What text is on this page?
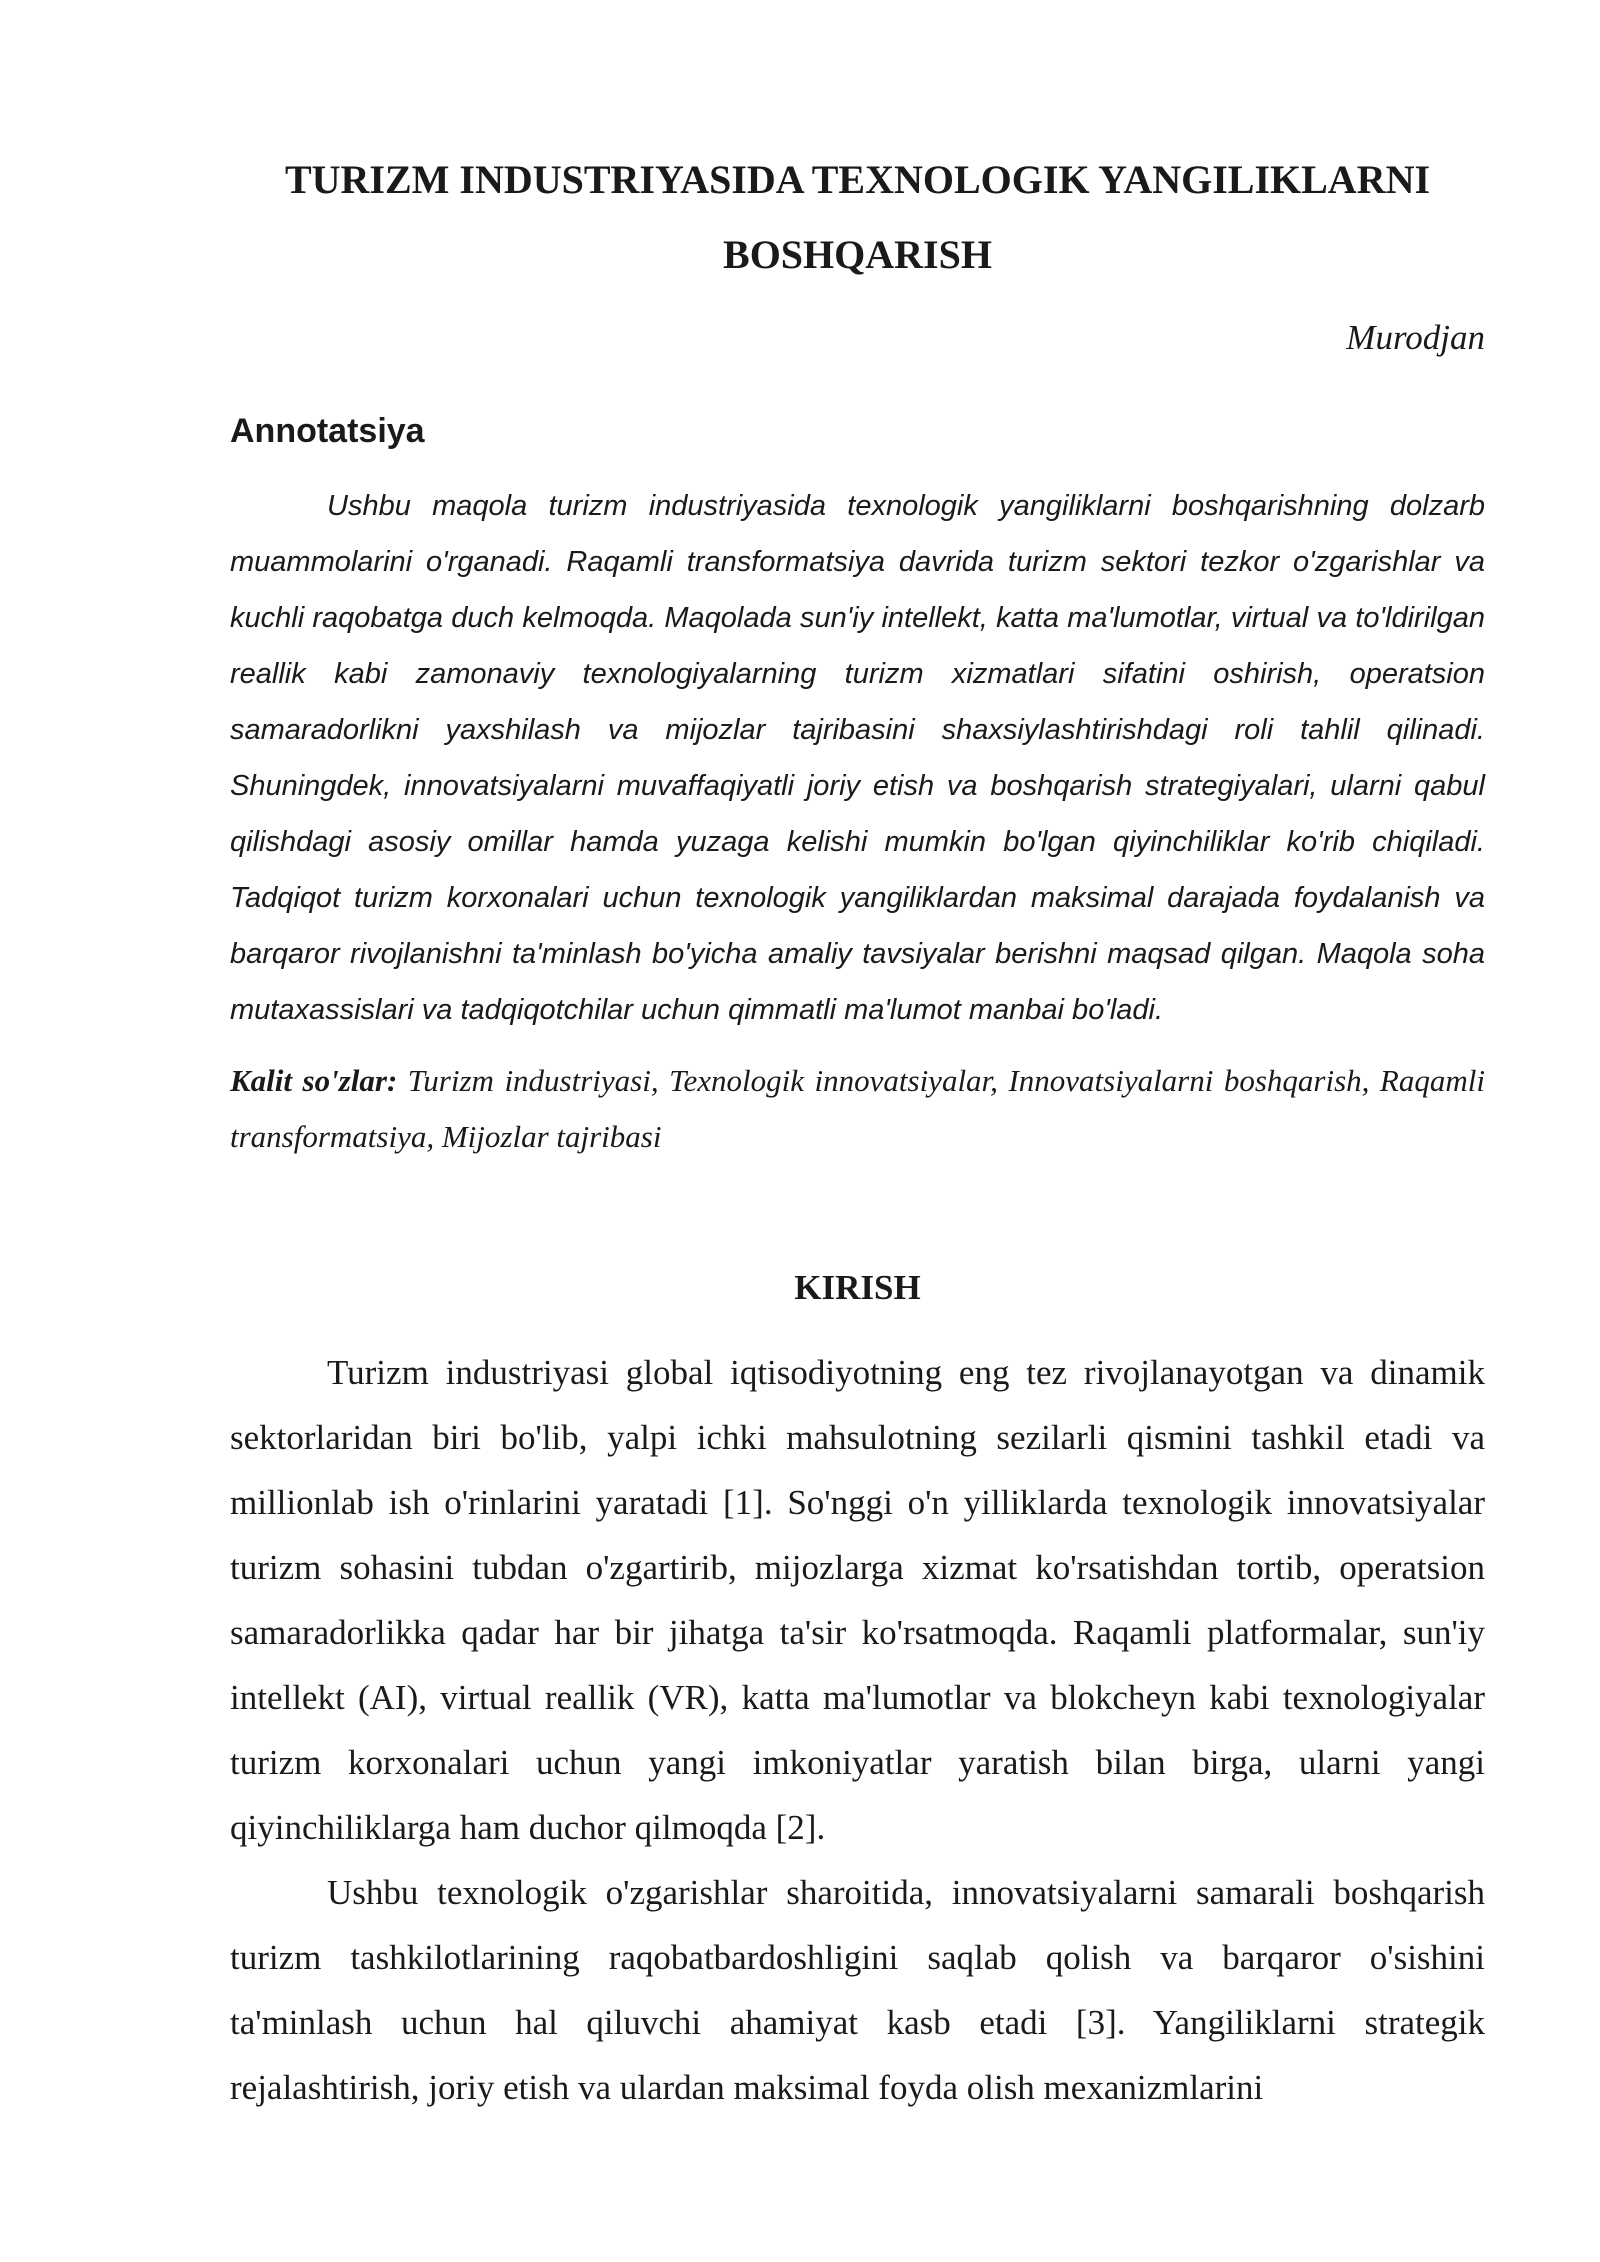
TURIZM INDUSTRIYASIDA TEXNOLOGIK YANGILIKLARNI BOSHQARISH
Murodjan
Annotatsiya

Ushbu maqola turizm industriyasida texnologik yangiliklarni boshqarishning dolzarb muammolarini o'rganadi. Raqamli transformatsiya davrida turizm sektori tezkor o'zgarishlar va kuchli raqobatga duch kelmoqda. Maqolada sun'iy intellekt, katta ma'lumotlar, virtual va to'ldirilgan reallik kabi zamonaviy texnologiyalarning turizm xizmatlari sifatini oshirish, operatsion samaradorlikni yaxshilash va mijozlar tajribasini shaxsiylashtirishdagi roli tahlil qilinadi. Shuningdek, innovatsiyalarni muvaffaqiyatli joriy etish va boshqarish strategiyalari, ularni qabul qilishdagi asosiy omillar hamda yuzaga kelishi mumkin bo'lgan qiyinchiliklar ko'rib chiqiladi. Tadqiqot turizm korxonalari uchun texnologik yangiliklardan maksimal darajada foydalanish va barqaror rivojlanishni ta'minlash bo'yicha amaliy tavsiyalar berishni maqsad qilgan. Maqola soha mutaxassislari va tadqiqotchilar uchun qimmatli ma'lumot manbai bo'ladi.

Kalit so'zlar: Turizm industriyasi, Texnologik innovatsiyalar, Innovatsiyalarni boshqarish, Raqamli transformatsiya, Mijozlar tajribasi

KIRISH

Turizm industriyasi global iqtisodiyotning eng tez rivojlanayotgan va dinamik sektorlaridan biri bo'lib, yalpi ichki mahsulotning sezilarli qismini tashkil etadi va millionlab ish o'rinlarini yaratadi [1]. So'nggi o'n yilliklarda texnologik innovatsiyalar turizm sohasini tubdan o'zgartirib, mijozlarga xizmat ko'rsatishdan tortib, operatsion samaradorlikka qadar har bir jihatga ta'sir ko'rsatmoqda. Raqamli platformalar, sun'iy intellekt (AI), virtual reallik (VR), katta ma'lumotlar va blokcheyn kabi texnologiyalar turizm korxonalari uchun yangi imkoniyatlar yaratish bilan birga, ularni yangi qiyinchiliklarga ham duchor qilmoqda [2].

Ushbu texnologik o'zgarishlar sharoitida, innovatsiyalarni samarali boshqarish turizm tashkilotlarining raqobatbardoshligini saqlab qolish va barqaror o'sishini ta'minlash uchun hal qiluvchi ahamiyat kasb etadi [3]. Yangiliklarni strategik rejalashtirish, joriy etish va ulardan maksimal foyda olish mexanizmlarini
